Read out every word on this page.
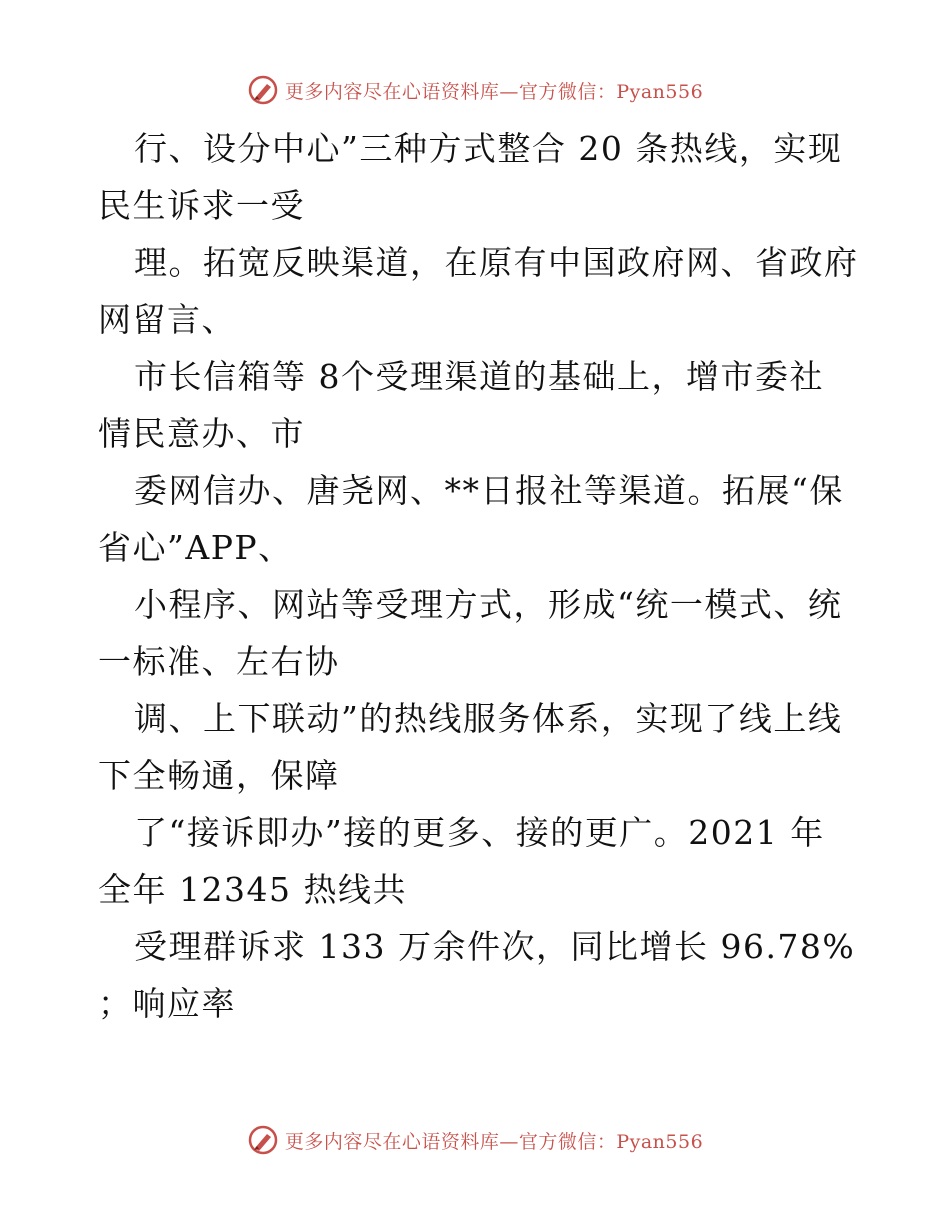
更多内容尽在心语资料库—官方微信：Pyan556
行、设分中心”三种方式整合 20 条热线，实现
民生诉求一受
理。拓宽反映渠道，在原有中国政府网、省政府
网留言、
市长信箱等 8个受理渠道的基础上，增市委社
情民意办、市
委网信办、唐尧网、**日报社等渠道。拓展“保
省心”APP、
小程序、网站等受理方式，形成“统一模式、统
一标准、左右协
调、上下联动”的热线服务体系，实现了线上线
下全畅通，保障
了“接诉即办”接的更多、接的更广。2021 年
全年 12345 热线共
受理群诉求 133 万余件次，同比增长 96.78%
；响应率
更多内容尽在心语资料库—官方微信：Pyan556
